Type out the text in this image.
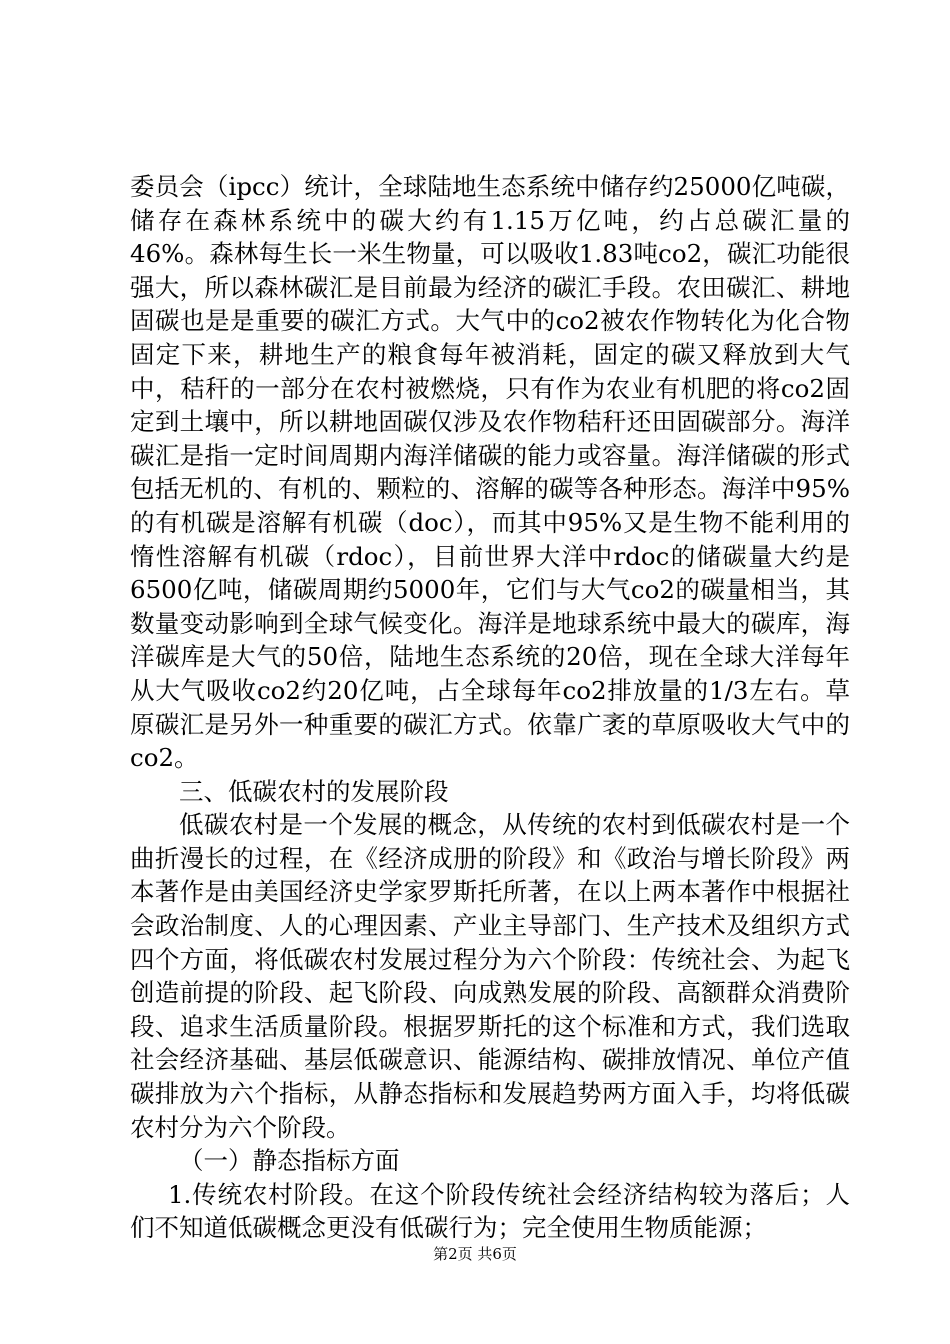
委员会（ipcc）统计，全球陆地生态系统中储存约25000亿吨碳，储存在森林系统中的碳大约有1.15万亿吨，约占总碳汇量的46%。森林每生长一米生物量，可以吸收1.83吨co2，碳汇功能很强大，所以森林碳汇是目前最为经济的碳汇手段。农田碳汇、耕地固碳也是是重要的碳汇方式。大气中的co2被农作物转化为化合物固定下来，耕地生产的粮食每年被消耗，固定的碳又释放到大气中，秸秆的一部分在农村被燃烧，只有作为农业有机肥的将co2固定到土壤中，所以耕地固碳仅涉及农作物秸秆还田固碳部分。海洋碳汇是指一定时间周期内海洋储碳的能力或容量。海洋储碳的形式包括无机的、有机的、颗粒的、溶解的碳等各种形态。海洋中95%的有机碳是溶解有机碳（doc），而其中95%又是生物不能利用的惰性溶解有机碳（rdoc），目前世界大洋中rdoc的储碳量大约是6500亿吨，储碳周期约5000年，它们与大气co2的碳量相当，其数量变动影响到全球气候变化。海洋是地球系统中最大的碳库，海洋碳库是大气的50倍，陆地生态系统的20倍，现在全球大洋每年从大气吸收co2约20亿吨，占全球每年co2排放量的1/3左右。草原碳汇是另外一种重要的碳汇方式。依靠广袤的草原吸收大气中的co2。

三、低碳农村的发展阶段

低碳农村是一个发展的概念，从传统的农村到低碳农村是一个曲折漫长的过程，在《经济成册的阶段》和《政治与增长阶段》两本著作是由美国经济史学家罗斯托所著，在以上两本著作中根据社会政治制度、人的心理因素、产业主导部门、生产技术及组织方式四个方面，将低碳农村发展过程分为六个阶段：传统社会、为起飞创造前提的阶段、起飞阶段、向成熟发展的阶段、高额群众消费阶段、追求生活质量阶段。根据罗斯托的这个标准和方式，我们选取社会经济基础、基层低碳意识、能源结构、碳排放情况、单位产值碳排放为六个指标，从静态指标和发展趋势两方面入手，均将低碳农村分为六个阶段。

（一）静态指标方面

1.传统农村阶段。在这个阶段传统社会经济结构较为落后；人们不知道低碳概念更没有低碳行为；完全使用生物质能源；

第2页 共6页
